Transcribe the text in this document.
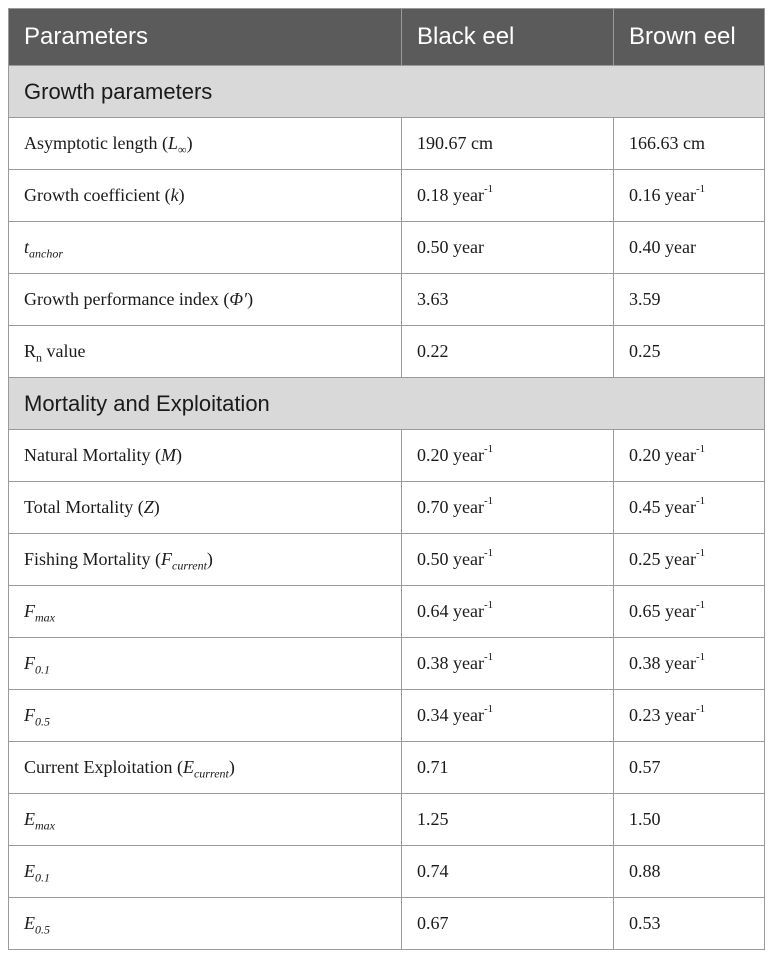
Parameters	Black eel	Brown eel
Growth parameters		
Asymptotic length $(L_\infty)$	190.67 cm	166.63 cm
Growth coefficient (k)	0.18 year$^{-1}$	0.16 year$^{-1}$
$t_{anchor}$	0.50 year	0.40 year
Growth performance index (Φ′)	3.63	3.59
$R_n$ value	0.22	0.25
Mortality and Exploitation		
Natural Mortality (M)	0.20 year$^{-1}$	0.20 year$^{-1}$
Total Mortality (Z)	0.70 year$^{-1}$	0.45 year$^{-1}$
Fishing Mortality $(F_{current})$	0.50 year$^{-1}$	0.25 year$^{-1}$
$F_{max}$	0.64 year$^{-1}$	0.65 year$^{-1}$
$F_{0.1}$	0.38 year$^{-1}$	0.38 year$^{-1}$
$F_{0.5}$	0.34 year$^{-1}$	0.23 year$^{-1}$
Current Exploitation $(E_{current})$	0.71	0.57
$E_{max}$	1.25	1.50
$E_{0.1}$	0.74	0.88
$E_{0.5}$	0.67	0.53
